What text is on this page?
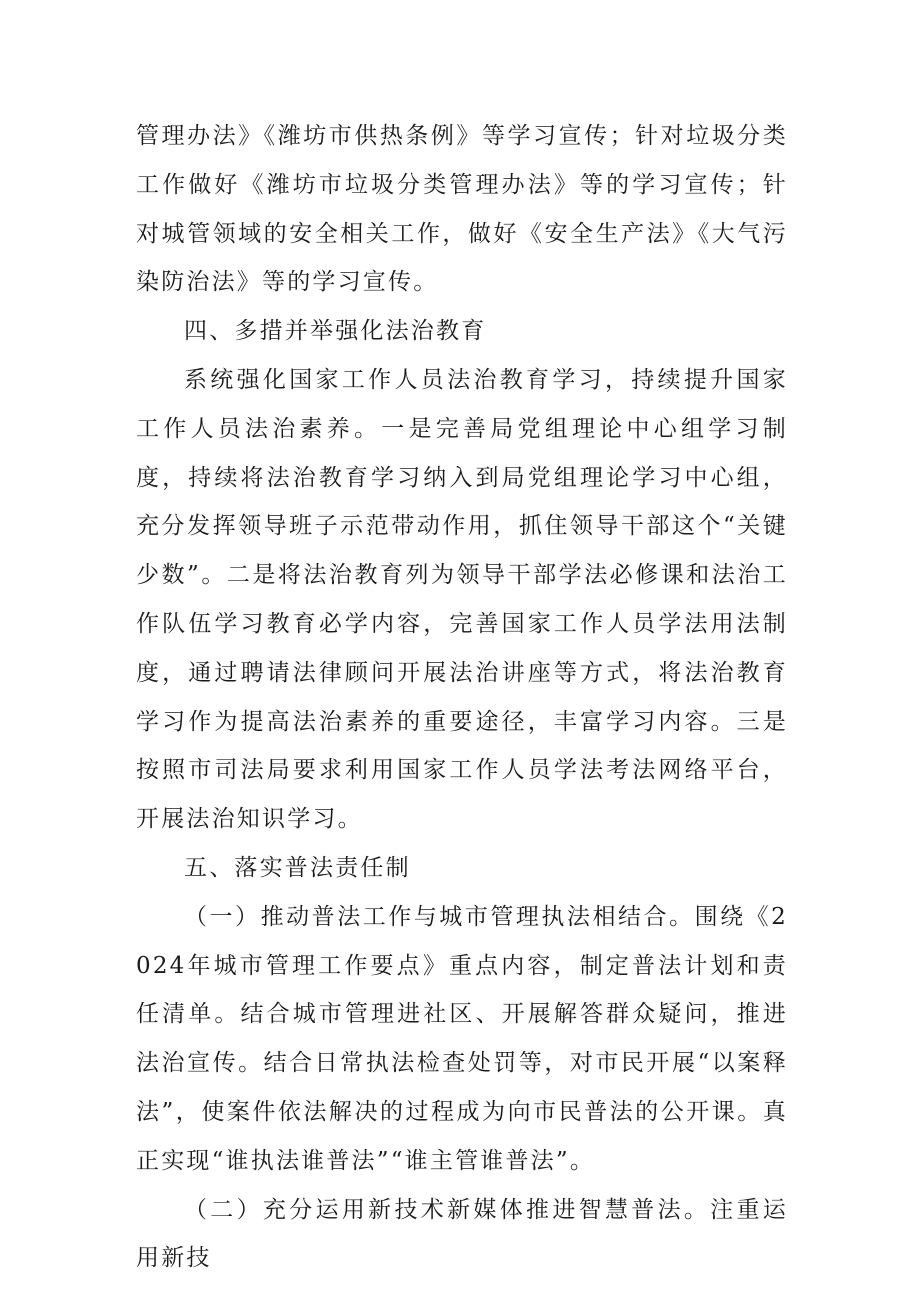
管理办法》《潍坊市供热条例》等学习宣传；针对垃圾分类工作做好《潍坊市垃圾分类管理办法》等的学习宣传；针对城管领域的安全相关工作，做好《安全生产法》《大气污染防治法》等的学习宣传。

四、多措并举强化法治教育

系统强化国家工作人员法治教育学习，持续提升国家工作人员法治素养。一是完善局党组理论中心组学习制度，持续将法治教育学习纳入到局党组理论学习中心组，充分发挥领导班子示范带动作用，抓住领导干部这个“关键少数”。二是将法治教育列为领导干部学法必修课和法治工作队伍学习教育必学内容，完善国家工作人员学法用法制度，通过聘请法律顾问开展法治讲座等方式，将法治教育学习作为提高法治素养的重要途径，丰富学习内容。三是按照市司法局要求利用国家工作人员学法考法网络平台，开展法治知识学习。

五、落实普法责任制

（一）推动普法工作与城市管理执法相结合。围绕《2024年城市管理工作要点》重点内容，制定普法计划和责任清单。结合城市管理进社区、开展解答群众疑问，推进法治宣传。结合日常执法检查处罚等，对市民开展“以案释法”，使案件依法解决的过程成为向市民普法的公开课。真正实现“谁执法谁普法”“谁主管谁普法”。

（二）充分运用新技术新媒体推进智慧普法。注重运用新技
